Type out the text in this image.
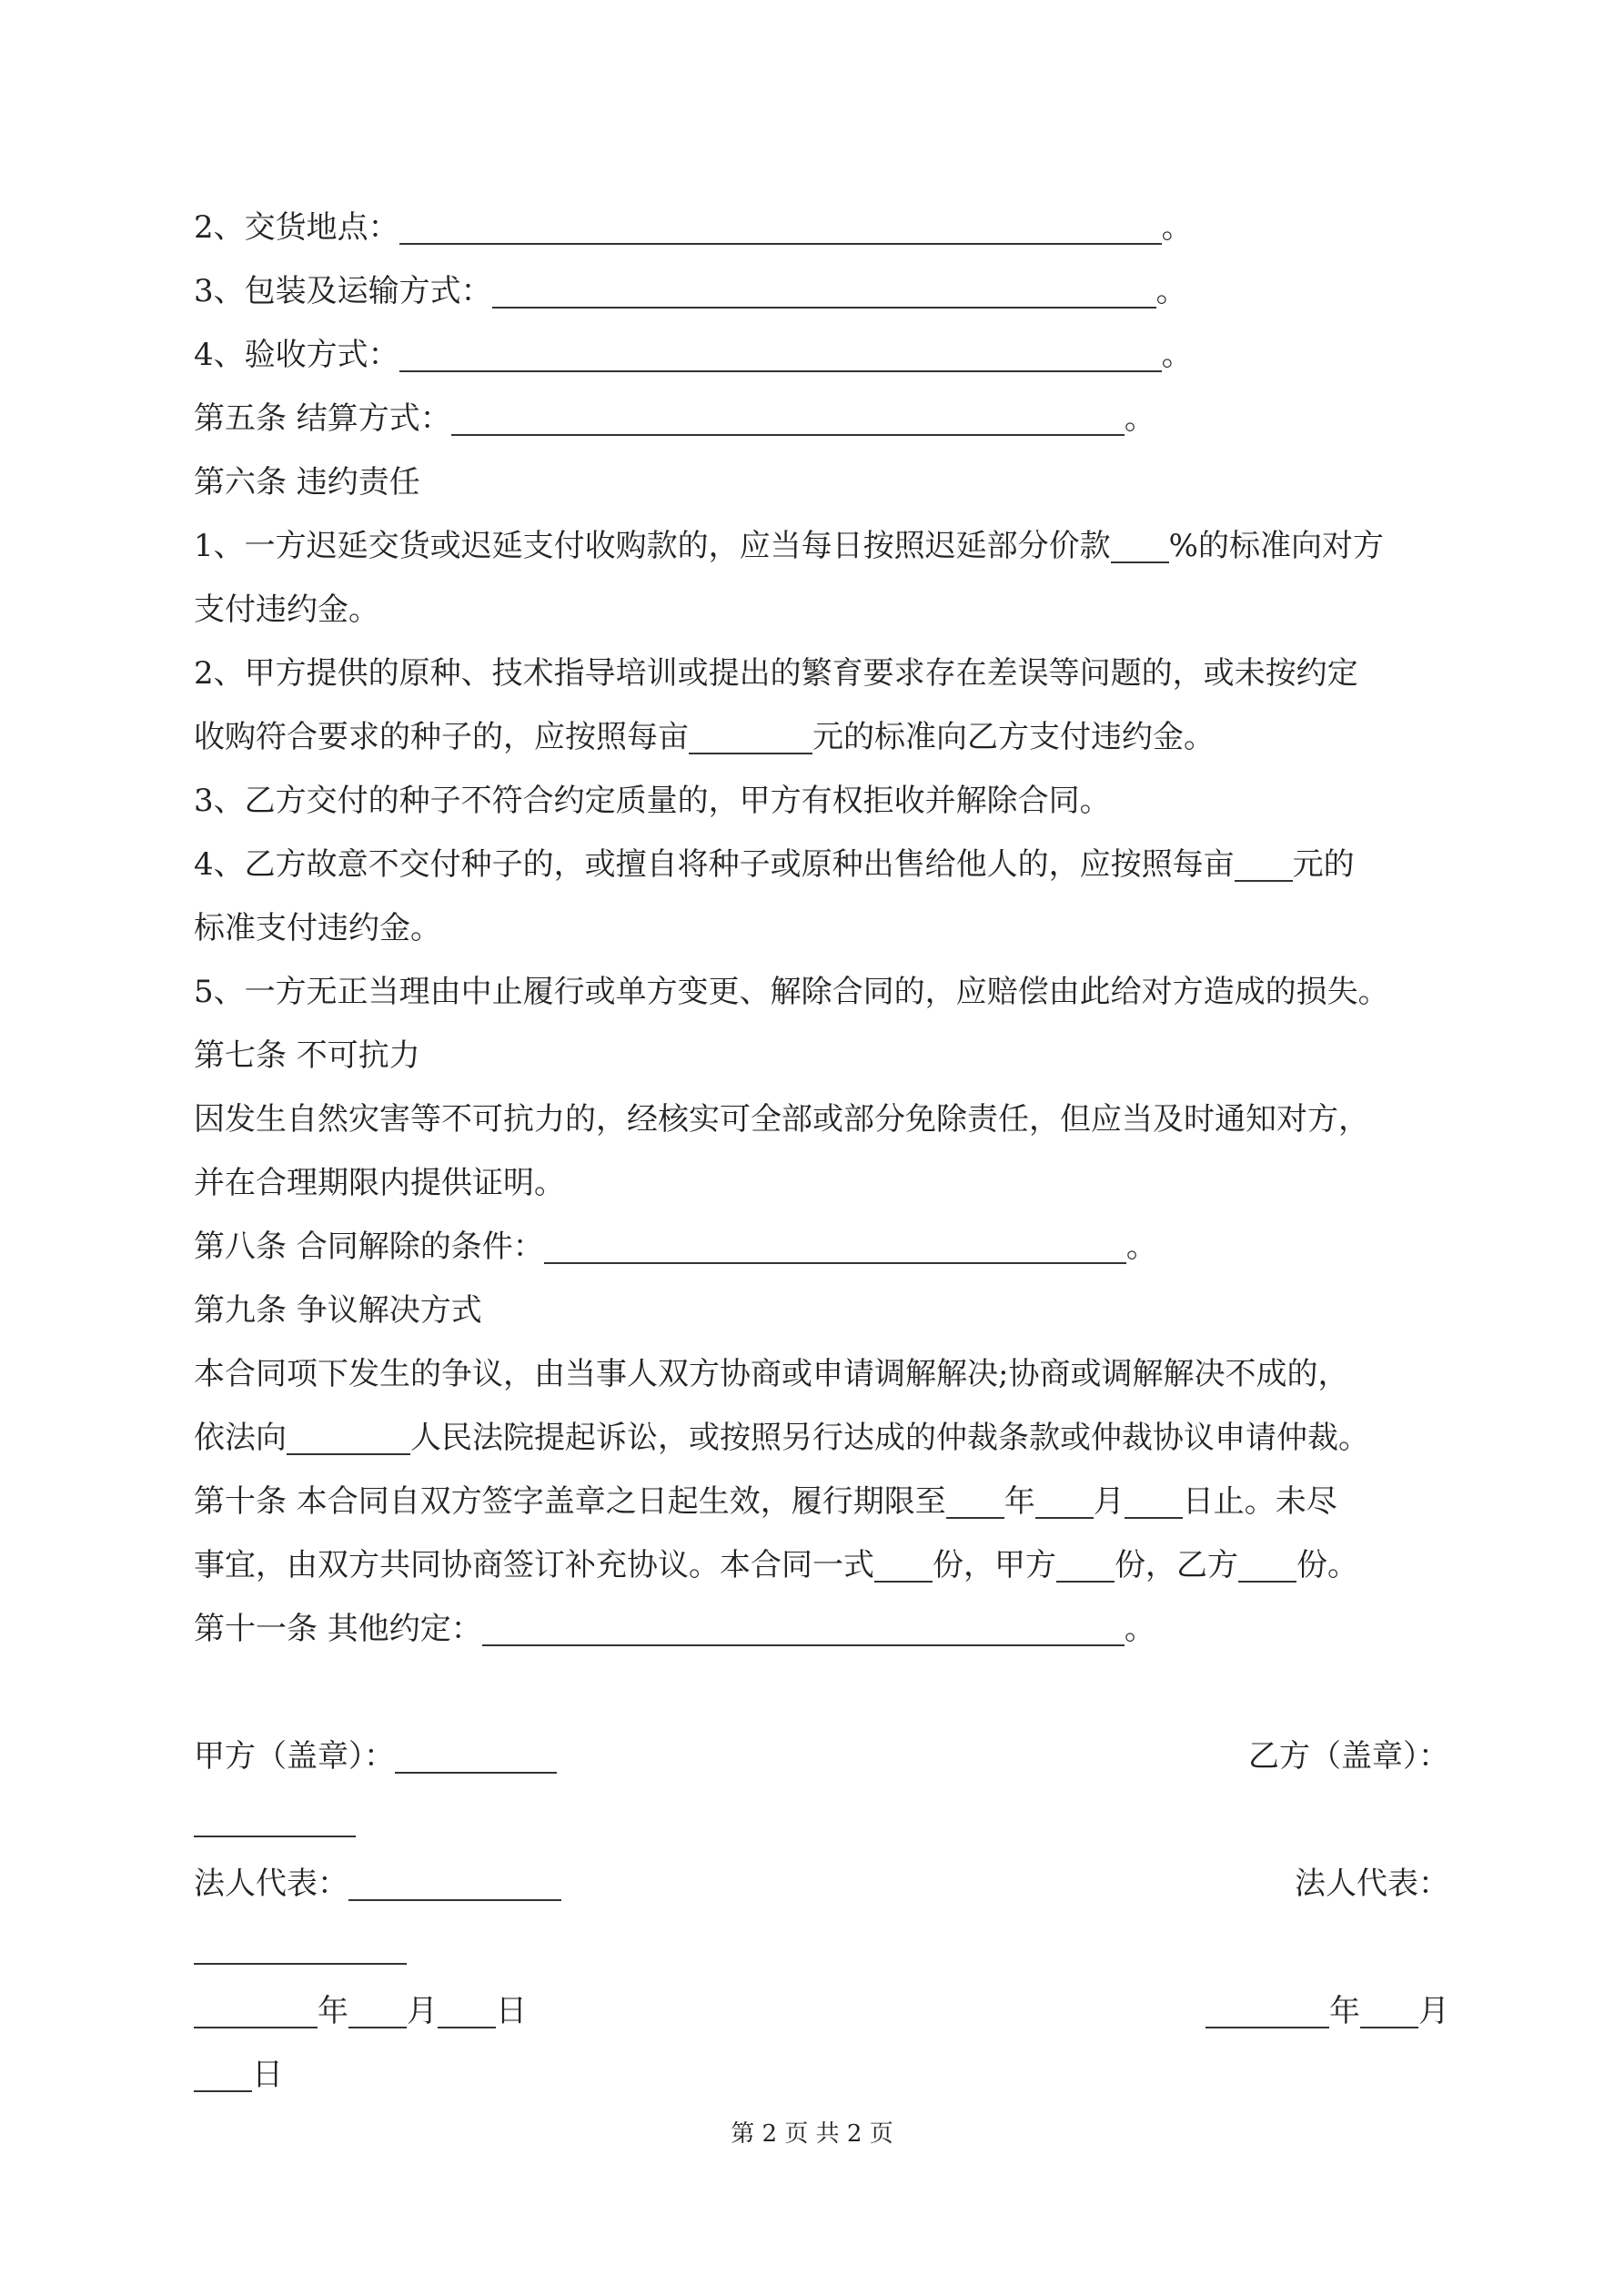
2、交货地点：	。
3、包装及运输方式：	。
4、验收方式：	。
第五条 结算方式：	。
第六条 违约责任
1、一方迟延交货或迟延支付收购款的，应当每日按照迟延部分价款 %的标准向对方
支付违约金。
2、甲方提供的原种、技术指导培训或提出的繁育要求存在差误等问题的，或未按约定
收购符合要求的种子的，应按照每亩	元的标准向乙方支付违约金。
3、乙方交付的种子不符合约定质量的，甲方有权拒收并解除合同。
4、乙方故意不交付种子的，或擅自将种子或原种出售给他人的，应按照每亩 元的
标准支付违约金。
5、一方无正当理由中止履行或单方变更、解除合同的，应赔偿由此给对方造成的损失。
第七条 不可抗力
因发生自然灾害等不可抗力的，经核实可全部或部分免除责任，但应当及时通知对方，
并在合理期限内提供证明。
第八条 合同解除的条件：	。
第九条 争议解决方式
本合同项下发生的争议，由当事人双方协商或申请调解解决;协商或调解解决不成的，
依法向	人民法院提起诉讼，或按照另行达成的仲裁条款或仲裁协议申请仲裁。
第十条 本合同自双方签字盖章之日起生效，履行期限至 年 月 日止。未尽
事宜，由双方共同协商签订补充协议。本合同一式 份，甲方 份，乙方 份。
第十一条 其他约定：	。
甲方（盖章）：	乙方（盖章）：
法人代表：	法人代表：
年 月 日	年 月
日
第 2 页 共 2 页
